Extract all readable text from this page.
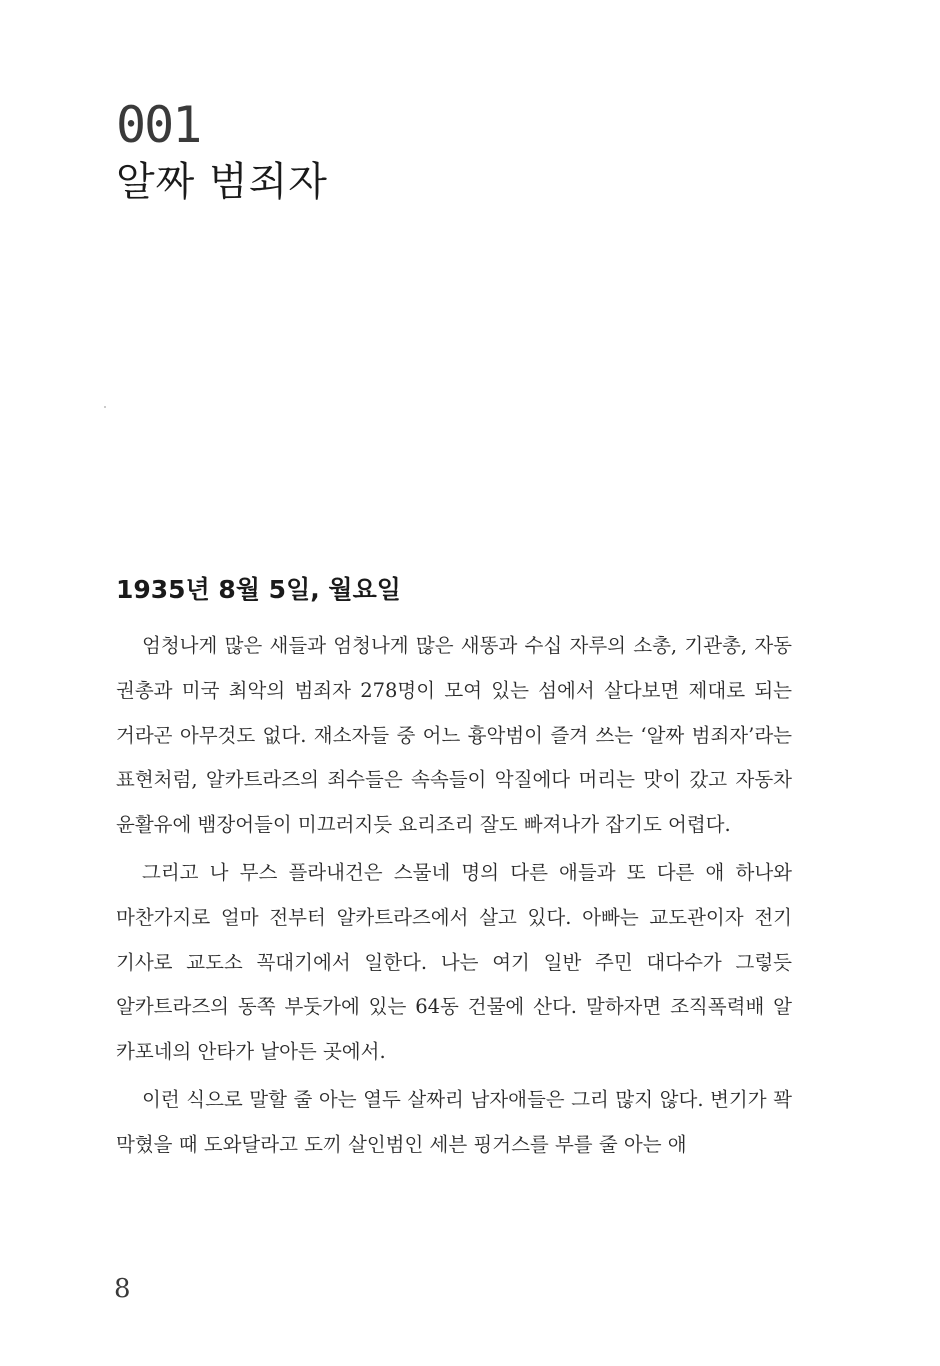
001
알짜 범죄자
1935년 8월 5일, 월요일

엄청나게 많은 새들과 엄청나게 많은 새똥과 수십 자루의 소총, 기관총, 자동 권총과 미국 최악의 범죄자 278명이 모여 있는 섬에서 살다보면 제대로 되는 거라곤 아무것도 없다. 재소자들 중 어느 흉악범이 즐겨 쓰는 ‘알짜 범죄자’라는 표현처럼, 알카트라즈의 죄수들은 속속들이 악질에다 머리는 맛이 갔고 자동차 윤활유에 뱀장어들이 미끄러지듯 요리조리 잘도 빠져나가 잡기도 어렵다.

그리고 나 무스 플라내건은 스물네 명의 다른 애들과 또 다른 애 하나와 마찬가지로 얼마 전부터 알카트라즈에서 살고 있다. 아빠는 교도관이자 전기 기사로 교도소 꼭대기에서 일한다. 나는 여기 일반 주민 대다수가 그렇듯 알카트라즈의 동쪽 부둣가에 있는 64동 건물에 산다. 말하자면 조직폭력배 알 카포네의 안타가 날아든 곳에서.

이런 식으로 말할 줄 아는 열두 살짜리 남자애들은 그리 많지 않다. 변기가 꽉 막혔을 때 도와달라고 도끼 살인범인 세븐 핑거스를 부를 줄 아는 애

8
